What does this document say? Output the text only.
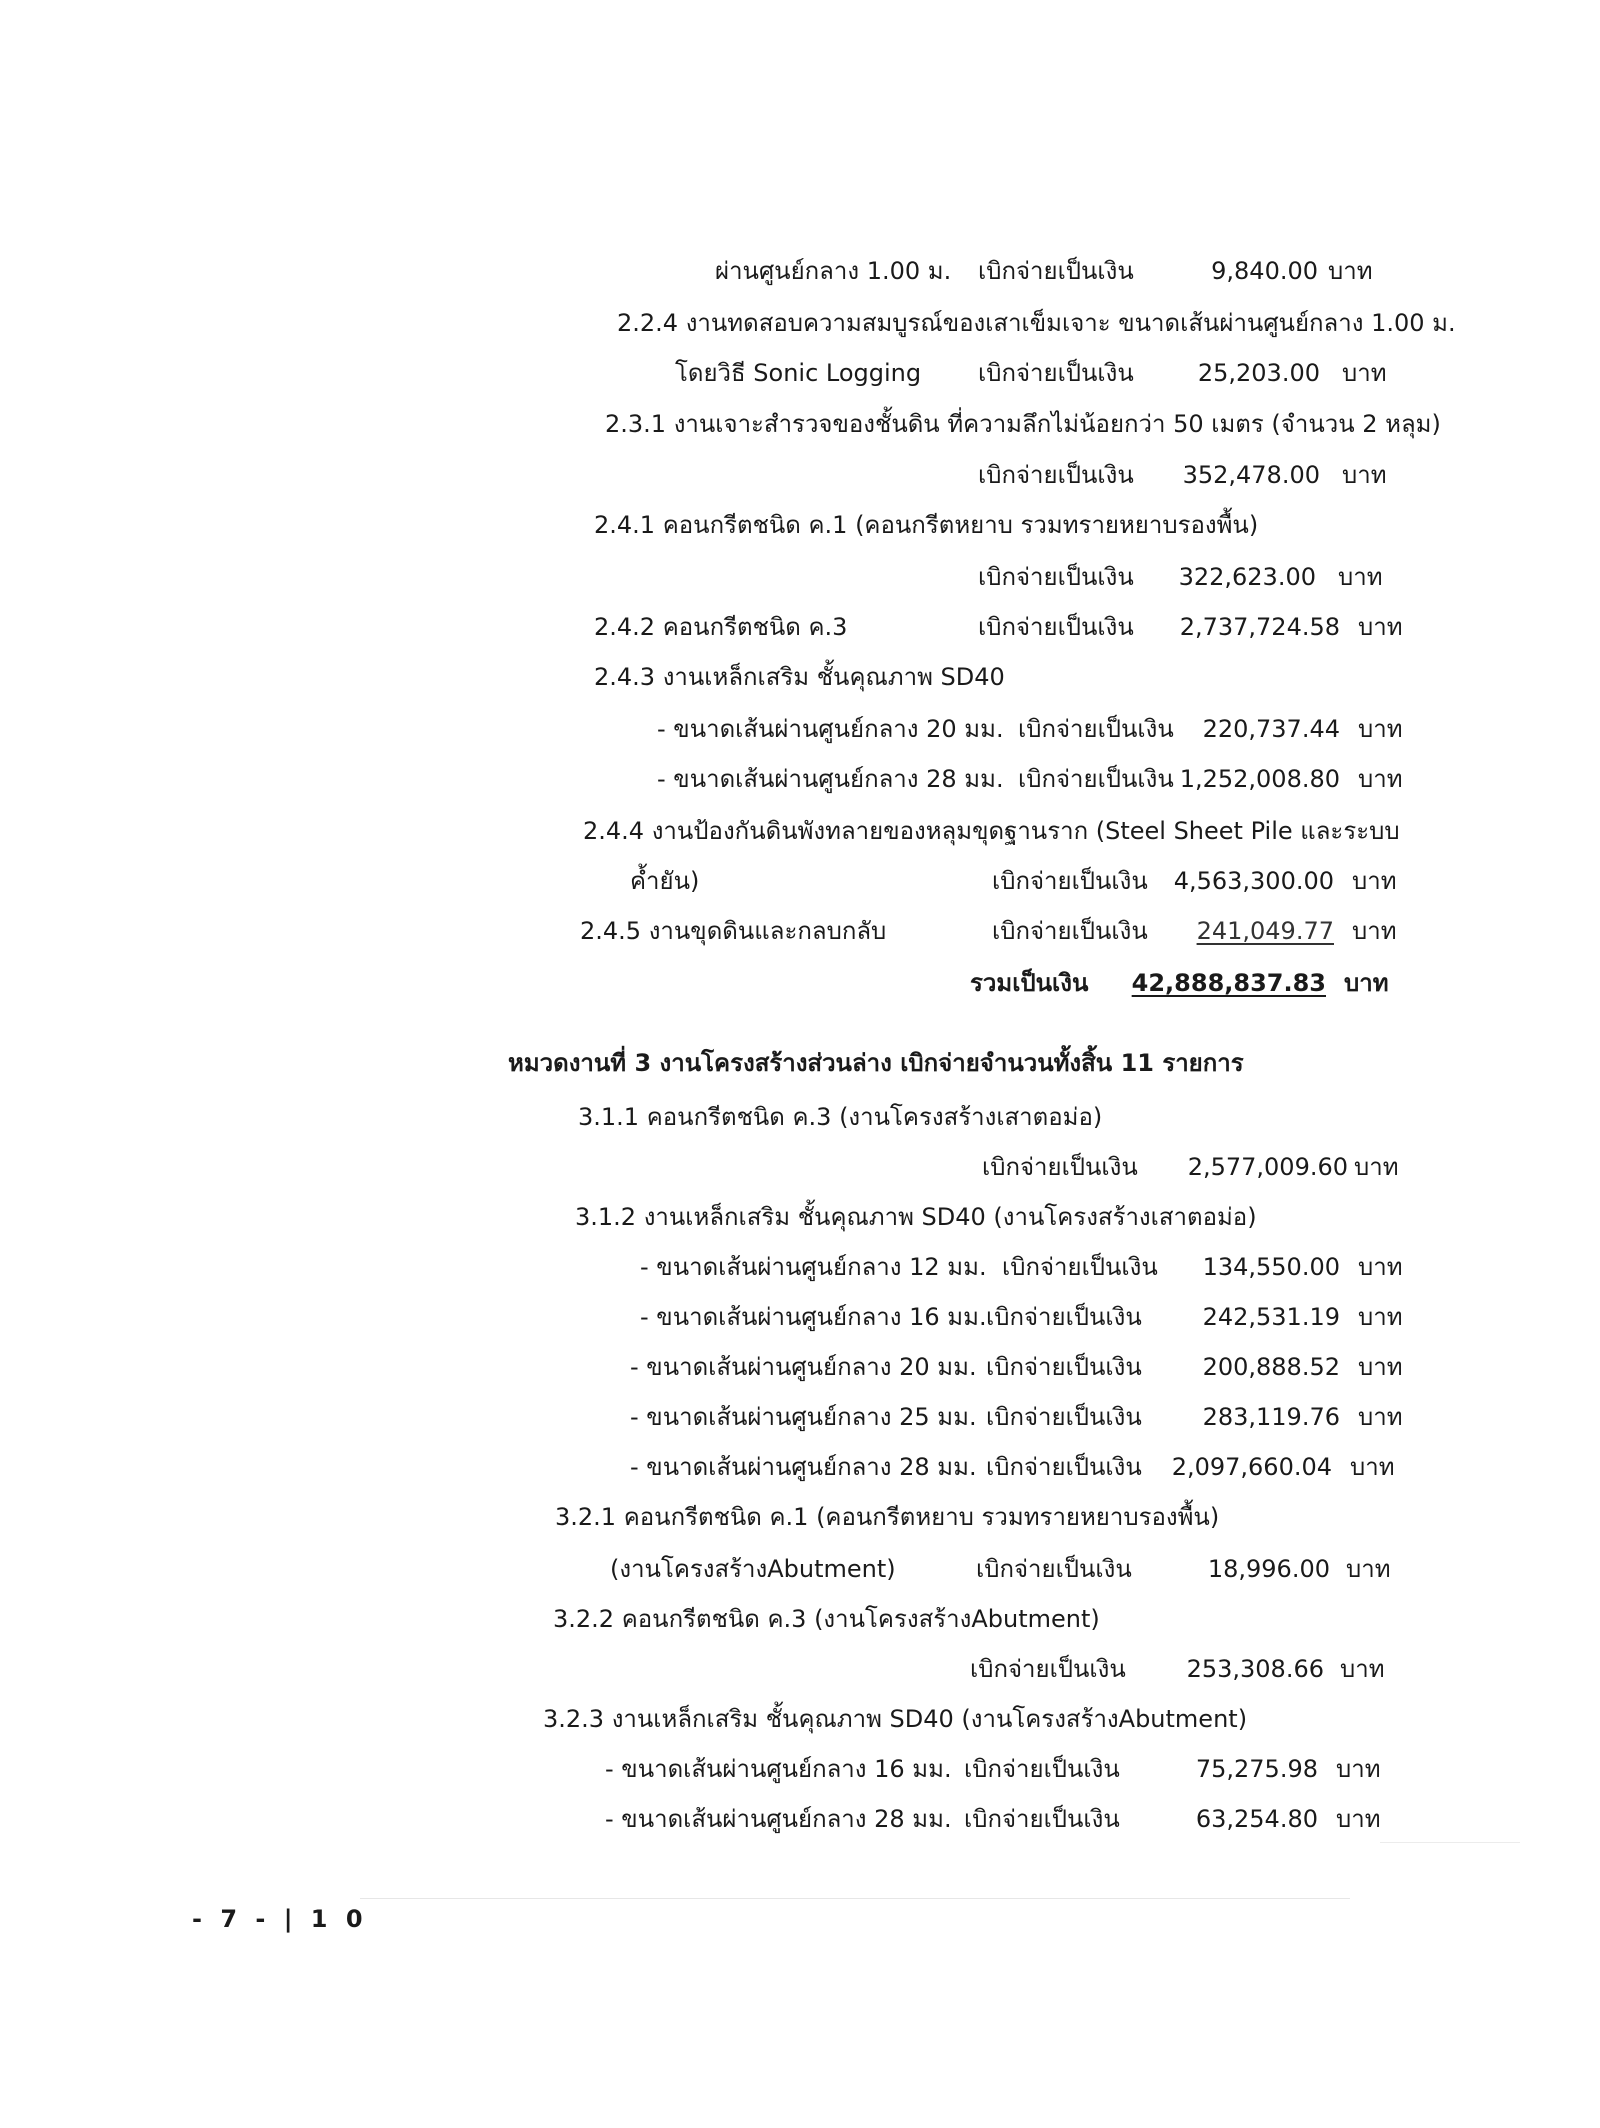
ผ่านศูนย์กลาง 1.00 ม. เบิกจ่ายเป็นเงิน	9,840.00 บาท
2.2.4 งานทดสอบความสมบูรณ์ของเสาเข็มเจาะ ขนาดเส้นผ่านศูนย์กลาง 1.00 ม.
โดยวิธี Sonic Logging เบิกจ่ายเป็นเงิน	25,203.00 บาท
2.3.1 งานเจาะสำรวจของชั้นดิน ที่ความลึกไม่น้อยกว่า 50 เมตร (จำนวน 2 หลุม)
เบิกจ่ายเป็นเงิน	352,478.00 บาท
2.4.1 คอนกรีตชนิด ค.1 (คอนกรีตหยาบ รวมทรายหยาบรองพื้น)
เบิกจ่ายเป็นเงิน	322,623.00 บาท
2.4.2 คอนกรีตชนิด ค.3	เบิกจ่ายเป็นเงิน	2,737,724.58 บาท
2.4.3 งานเหล็กเสริม ชั้นคุณภาพ SD40
- ขนาดเส้นผ่านศูนย์กลาง 20 มม. เบิกจ่ายเป็นเงิน	220,737.44 บาท
- ขนาดเส้นผ่านศูนย์กลาง 28 มม. เบิกจ่ายเป็นเงิน 1,252,008.80 บาท
2.4.4 งานป้องกันดินพังทลายของหลุมขุดฐานราก (Steel Sheet Pile และระบบ
ค้ำยัน)	เบิกจ่ายเป็นเงิน	4,563,300.00 บาท
2.4.5 งานขุดดินและกลบกลับ	เบิกจ่ายเป็นเงิน	241,049.77 บาท
รวมเป็นเงิน 42,888,837.83 บาท
หมวดงานที่ 3 งานโครงสร้างส่วนล่าง เบิกจ่ายจำนวนทั้งสิ้น 11 รายการ
3.1.1 คอนกรีตชนิด ค.3 (งานโครงสร้างเสาตอม่อ)
เบิกจ่ายเป็นเงิน	2,577,009.60 บาท
3.1.2 งานเหล็กเสริม ชั้นคุณภาพ SD40 (งานโครงสร้างเสาตอม่อ)
- ขนาดเส้นผ่านศูนย์กลาง 12 มม. เบิกจ่ายเป็นเงิน	134,550.00 บาท
- ขนาดเส้นผ่านศูนย์กลาง 16 มม. เบิกจ่ายเป็นเงิน	242,531.19 บาท
- ขนาดเส้นผ่านศูนย์กลาง 20 มม. เบิกจ่ายเป็นเงิน	200,888.52 บาท
- ขนาดเส้นผ่านศูนย์กลาง 25 มม. เบิกจ่ายเป็นเงิน	283,119.76 บาท
- ขนาดเส้นผ่านศูนย์กลาง 28 มม. เบิกจ่ายเป็นเงิน	2,097,660.04 บาท
3.2.1 คอนกรีตชนิด ค.1 (คอนกรีตหยาบ รวมทรายหยาบรองพื้น)
(งานโครงสร้างAbutment)	เบิกจ่ายเป็นเงิน	18,996.00 บาท
3.2.2 คอนกรีตชนิด ค.3 (งานโครงสร้างAbutment)
เบิกจ่ายเป็นเงิน	253,308.66 บาท
3.2.3 งานเหล็กเสริม ชั้นคุณภาพ SD40 (งานโครงสร้างAbutment)
- ขนาดเส้นผ่านศูนย์กลาง 16 มม. เบิกจ่ายเป็นเงิน	75,275.98 บาท
- ขนาดเส้นผ่านศูนย์กลาง 28 มม. เบิกจ่ายเป็นเงิน	63,254.80 บาท
- 7 - | 1 0
